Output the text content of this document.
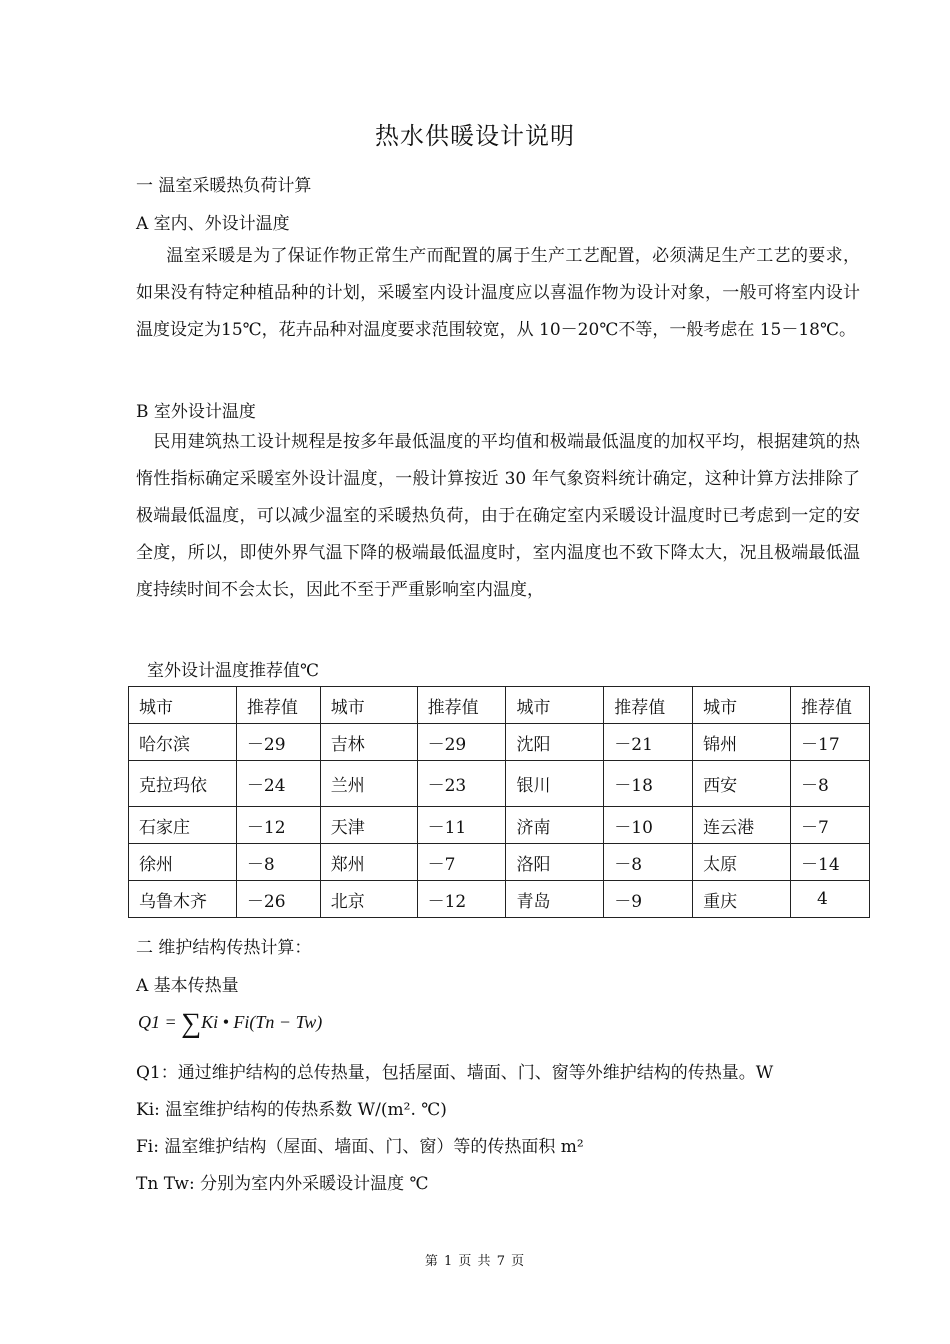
热水供暖设计说明
一 温室采暖热负荷计算
A 室内、外设计温度
温室采暖是为了保证作物正常生产而配置的属于生产工艺配置，必须满足生产工艺的要求，如果没有特定种植品种的计划，采暖室内设计温度应以喜温作物为设计对象，一般可将室内设计温度设定为15℃，花卉品种对温度要求范围较宽，从 10－20℃不等，一般考虑在 15－18℃。
B 室外设计温度
民用建筑热工设计规程是按多年最低温度的平均值和极端最低温度的加权平均，根据建筑的热惰性指标确定采暖室外设计温度，一般计算按近 30 年气象资料统计确定，这种计算方法排除了极端最低温度，可以减少温室的采暖热负荷，由于在确定室内采暖设计温度时已考虑到一定的安全度，所以，即使外界气温下降的极端最低温度时，室内温度也不致下降太大，况且极端最低温度持续时间不会太长，因此不至于严重影响室内温度，
室外设计温度推荐值℃
城市	推荐值	城市	推荐值	城市	推荐值	城市	推荐值
哈尔滨	－29	吉林	－29	沈阳	－21	锦州	－17
克拉玛依	－24	兰州	－23	银川	－18	西安	－8
石家庄	－12	天津	－11	济南	－10	连云港	－7
徐州	－8	郑州	－7	洛阳	－8	太原	－14
乌鲁木齐	－26	北京	－12	青岛	－9	重庆	4
二 维护结构传热计算：
A 基本传热量
Q1 = ∑Ki • Fi(Tn − Tw)
Q1：通过维护结构的总传热量，包括屋面、墙面、门、窗等外维护结构的传热量。W
Ki: 温室维护结构的传热系数 W/(m². ℃)
Fi: 温室维护结构（屋面、墙面、门、窗）等的传热面积 m²
Tn Tw: 分别为室内外采暖设计温度 ℃
第 1 页 共 7 页
